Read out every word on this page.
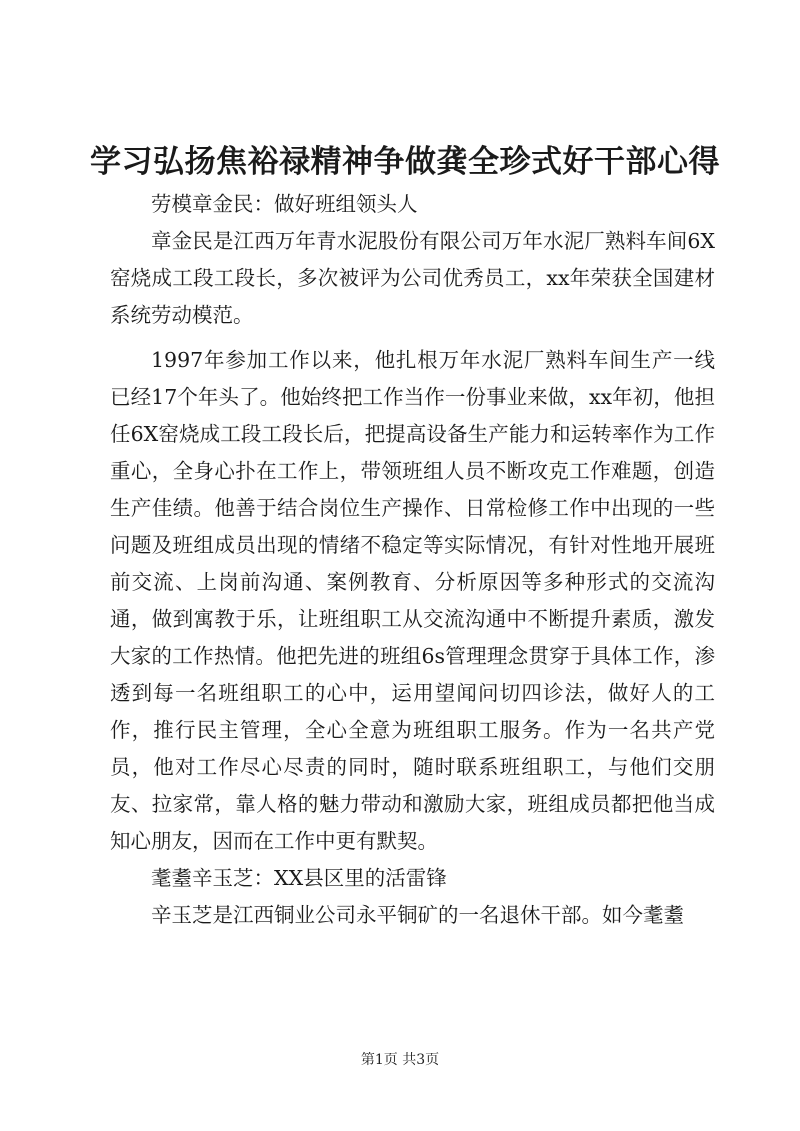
学习弘扬焦裕禄精神争做龚全珍式好干部心得

劳模章金民：做好班组领头人

章金民是江西万年青水泥股份有限公司万年水泥厂熟料车间6X窑烧成工段工段长，多次被评为公司优秀员工，xx年荣获全国建材系统劳动模范。

1997年参加工作以来，他扎根万年水泥厂熟料车间生产一线已经17个年头了。他始终把工作当作一份事业来做，xx年初，他担任6X窑烧成工段工段长后，把提高设备生产能力和运转率作为工作重心，全身心扑在工作上，带领班组人员不断攻克工作难题，创造生产佳绩。他善于结合岗位生产操作、日常检修工作中出现的一些问题及班组成员出现的情绪不稳定等实际情况，有针对性地开展班前交流、上岗前沟通、案例教育、分析原因等多种形式的交流沟通，做到寓教于乐，让班组职工从交流沟通中不断提升素质，激发大家的工作热情。他把先进的班组6s管理理念贯穿于具体工作，渗透到每一名班组职工的心中，运用望闻问切四诊法，做好人的工作，推行民主管理，全心全意为班组职工服务。作为一名共产党员，他对工作尽心尽责的同时，随时联系班组职工，与他们交朋友、拉家常，靠人格的魅力带动和激励大家，班组成员都把他当成知心朋友，因而在工作中更有默契。

耄耋辛玉芝：XX县区里的活雷锋

辛玉芝是江西铜业公司永平铜矿的一名退休干部。如今耄耋

第1页 共3页
